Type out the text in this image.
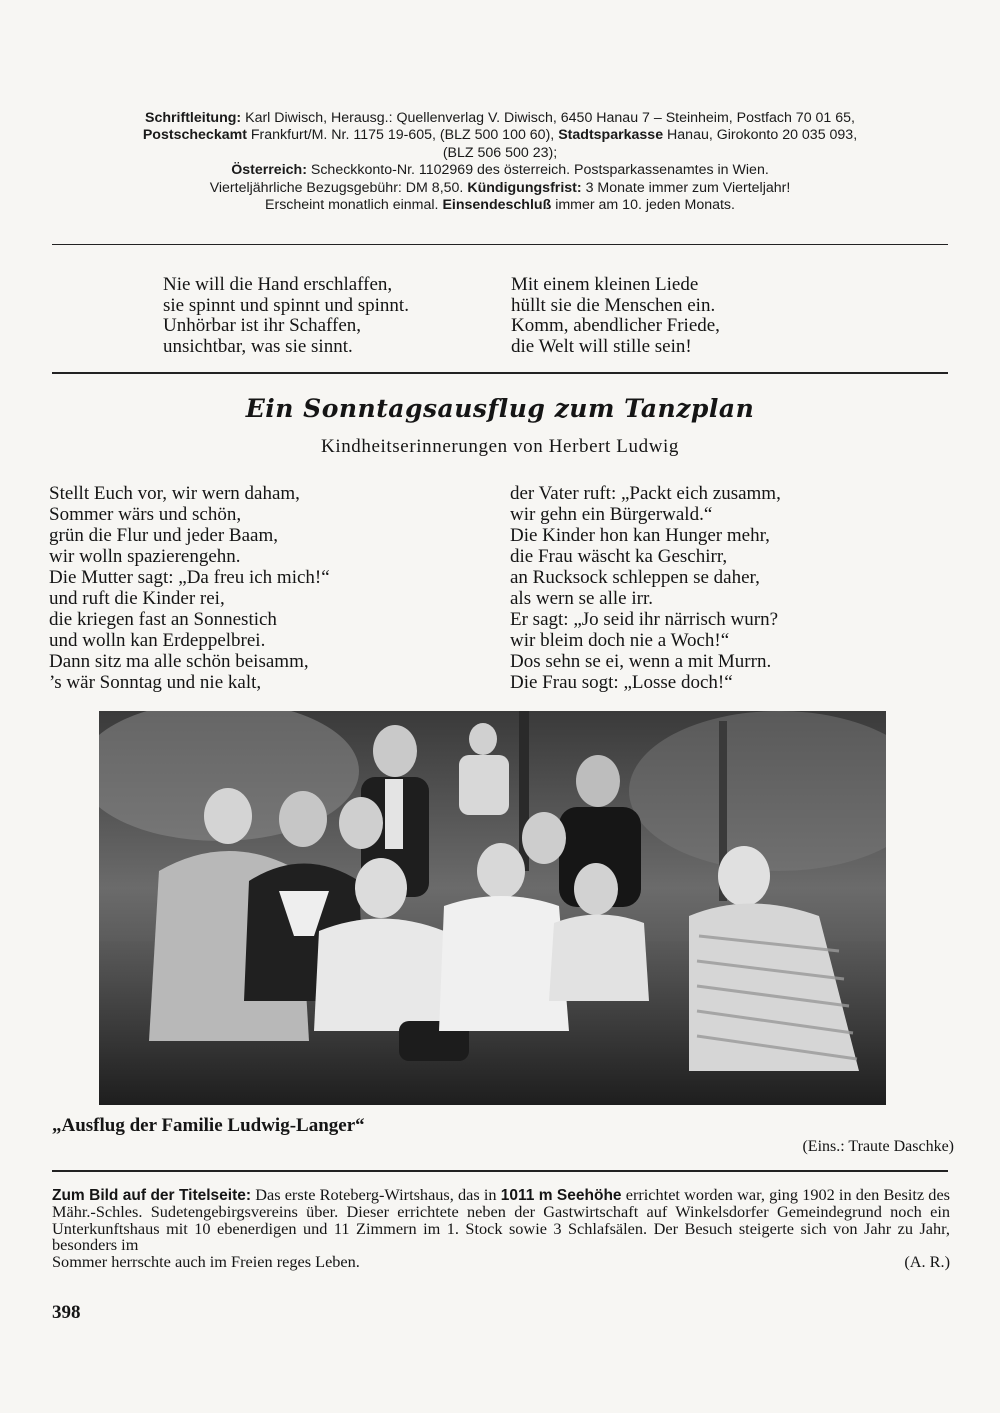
Schriftleitung: Karl Diwisch, Herausg.: Quellenverlag V. Diwisch, 6450 Hanau 7 – Steinheim, Postfach 70 01 65,
Postscheckamt Frankfurt/M. Nr. 1175 19-605, (BLZ 500 100 60), Stadtsparkasse Hanau, Girokonto 20 035 093,
(BLZ 506 500 23);
Österreich: Scheckkonto-Nr. 1102969 des österreich. Postsparkassenamtes in Wien.
Vierteljährliche Bezugsgebühr: DM 8,50. Kündigungsfrist: 3 Monate immer zum Vierteljahr!
Erscheint monatlich einmal. Einsendeschluß immer am 10. jeden Monats.
Nie will die Hand erschlaffen,
sie spinnt und spinnt und spinnt.
Unhörbar ist ihr Schaffen,
unsichtbar, was sie sinnt.
Mit einem kleinen Liede
hüllt sie die Menschen ein.
Komm, abendlicher Friede,
die Welt will stille sein!
Ein Sonntagsausflug zum Tanzplan
Kindheitserinnerungen von Herbert Ludwig
Stellt Euch vor, wir wern daham,
Sommer wärs und schön,
grün die Flur und jeder Baam,
wir wolln spazierengehn.
Die Mutter sagt: „Da freu ich mich!“
und ruft die Kinder rei,
die kriegen fast an Sonnestich
und wolln kan Erdeppelbrei.
Dann sitz ma alle schön beisamm,
’s wär Sonntag und nie kalt,
der Vater ruft: „Packt eich zusamm,
wir gehn ein Bürgerwald.“
Die Kinder hon kan Hunger mehr,
die Frau wäscht ka Geschirr,
an Rucksock schleppen se daher,
als wern se alle irr.
Er sagt: „Jo seid ihr närrisch wurn?
wir bleim doch nie a Woch!“
Dos sehn se ei, wenn a mit Murrn.
Die Frau sogt: „Losse doch!“
„Ausflug der Familie Ludwig-Langer“
(Eins.: Traute Daschke)
Zum Bild auf der Titelseite: Das erste Roteberg-Wirtshaus, das in 1011 m Seehöhe errichtet worden war, ging 1902 in den Besitz des Mähr.-Schles. Sudetengebirgsvereins über. Dieser errichtete neben der Gastwirtschaft auf Winkelsdorfer Gemeindegrund noch ein Unterkunftshaus mit 10 ebenerdigen und 11 Zimmern im 1. Stock sowie 3 Schlafsälen. Der Besuch steigerte sich von Jahr zu Jahr, besonders im
Sommer herrschte auch im Freien reges Leben.	(A. R.)
398
